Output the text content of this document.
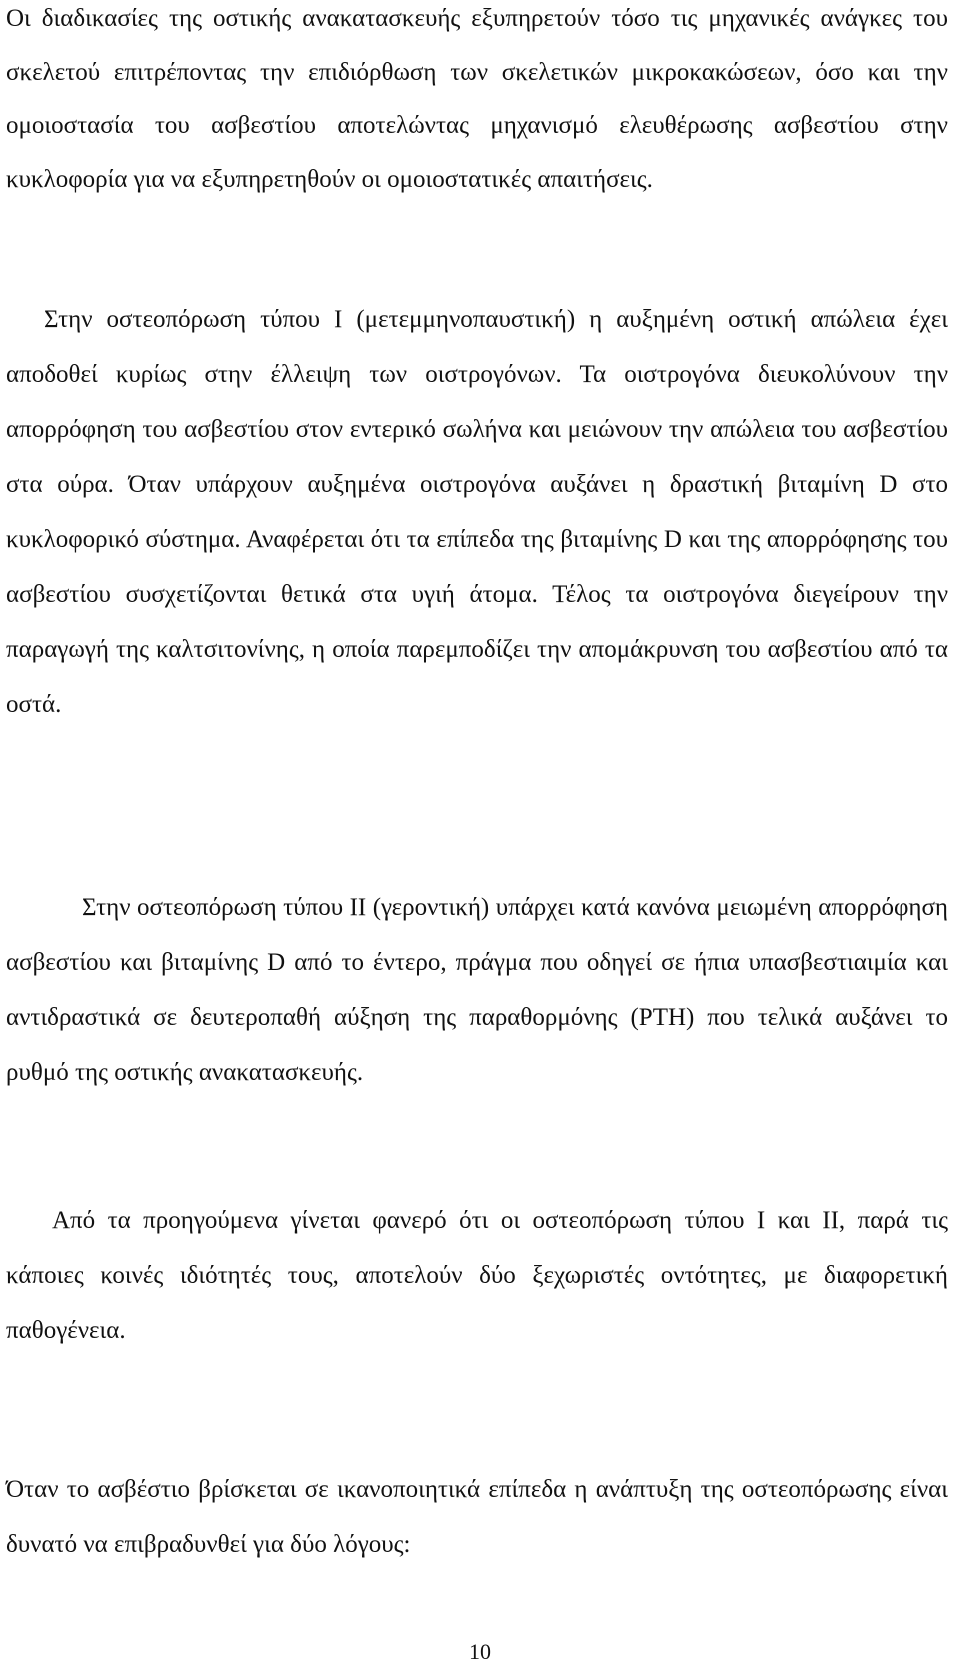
Οι διαδικασίες της οστικής ανακατασκευής εξυπηρετούν τόσο τις μηχανικές ανάγκες του σκελετού επιτρέποντας την επιδιόρθωση των σκελετικών μικροκακώσεων, όσο και την ομοιοστασία του ασβεστίου αποτελώντας μηχανισμό ελευθέρωσης ασβεστίου στην κυκλοφορία για να εξυπηρετηθούν οι ομοιοστατικές απαιτήσεις.

Στην οστεοπόρωση τύπου Ι (μετεμμηνοπαυστική) η αυξημένη οστική απώλεια έχει αποδοθεί κυρίως στην έλλειψη των οιστρογόνων. Τα οιστρογόνα διευκολύνουν την απορρόφηση του ασβεστίου στον εντερικό σωλήνα και μειώνουν την απώλεια του ασβεστίου στα ούρα. Όταν υπάρχουν αυξημένα οιστρογόνα αυξάνει η δραστική βιταμίνη D στο κυκλοφορικό σύστημα. Αναφέρεται ότι τα επίπεδα της βιταμίνης D και της απορρόφησης του ασβεστίου συσχετίζονται θετικά στα υγιή άτομα. Τέλος τα οιστρογόνα διεγείρουν την παραγωγή της καλτσιτονίνης, η οποία παρεμποδίζει την απομάκρυνση του ασβεστίου από τα οστά.

Στην οστεοπόρωση τύπου ΙΙ (γεροντική) υπάρχει κατά κανόνα μειωμένη απορρόφηση ασβεστίου και βιταμίνης D από το έντερο, πράγμα που οδηγεί σε ήπια υπασβεστιαιμία και αντιδραστικά σε δευτεροπαθή αύξηση της παραθορμόνης (PTH) που τελικά αυξάνει το ρυθμό της οστικής ανακατασκευής.

Από τα προηγούμενα γίνεται φανερό ότι οι οστεοπόρωση τύπου Ι και ΙΙ, παρά τις κάποιες κοινές ιδιότητές τους, αποτελούν δύο ξεχωριστές οντότητες, με διαφορετική παθογένεια.

Όταν το ασβέστιο βρίσκεται σε ικανοποιητικά επίπεδα η ανάπτυξη της οστεοπόρωσης είναι δυνατό να επιβραδυνθεί για δύο λόγους:

10
